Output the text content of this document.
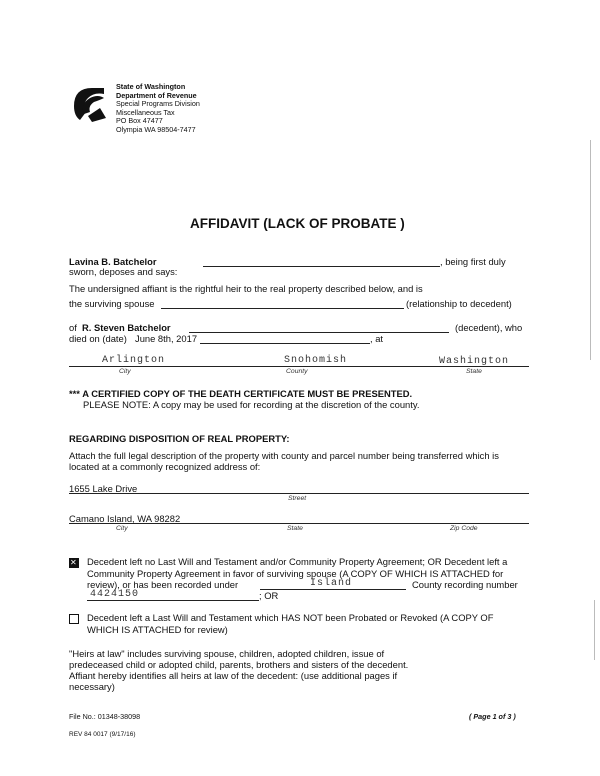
State of Washington
Department of Revenue
Special Programs Division
Miscellaneous Tax
PO Box 47477
Olympia WA 98504-7477
AFFIDAVIT (LACK OF PROBATE )
Lavina B. Batchelor	, being first duly
sworn, deposes and says:
The undersigned affiant is the rightful heir to the real property described below, and is
the surviving spouse	(relationship to decedent)
of R. Steven Batchelor	(decedent), who
died on (date) June 8th, 2017	, at
Arlington	Snohomish	Washington
City	County	State
*** A CERTIFIED COPY OF THE DEATH CERTIFICATE MUST BE PRESENTED.
PLEASE NOTE: A copy may be used for recording at the discretion of the county.
REGARDING DISPOSITION OF REAL PROPERTY:
Attach the full legal description of the property with county and parcel number being transferred which is
located at a commonly recognized address of:
1655 Lake Drive
Street
Camano Island, WA 98282
City	State	Zip Code
✕
Decedent left no Last Will and Testament and/or Community Property Agreement; OR Decedent left a
Community Property Agreement in favor of surviving spouse (A COPY OF WHICH IS ATTACHED for
review), or has been recorded under	Island	County recording number
4424150	; OR
Decedent left a Last Will and Testament which HAS NOT been Probated or Revoked (A COPY OF
WHICH IS ATTACHED for review)
"Heirs at law" includes surviving spouse, children, adopted children, issue of
predeceased child or adopted child, parents, brothers and sisters of the decedent.
Affiant hereby identifies all heirs at law of the decedent: (use additional pages if
necessary)
File No.: 01348-38098	( Page 1 of 3 )
REV 84 0017 (9/17/16)
